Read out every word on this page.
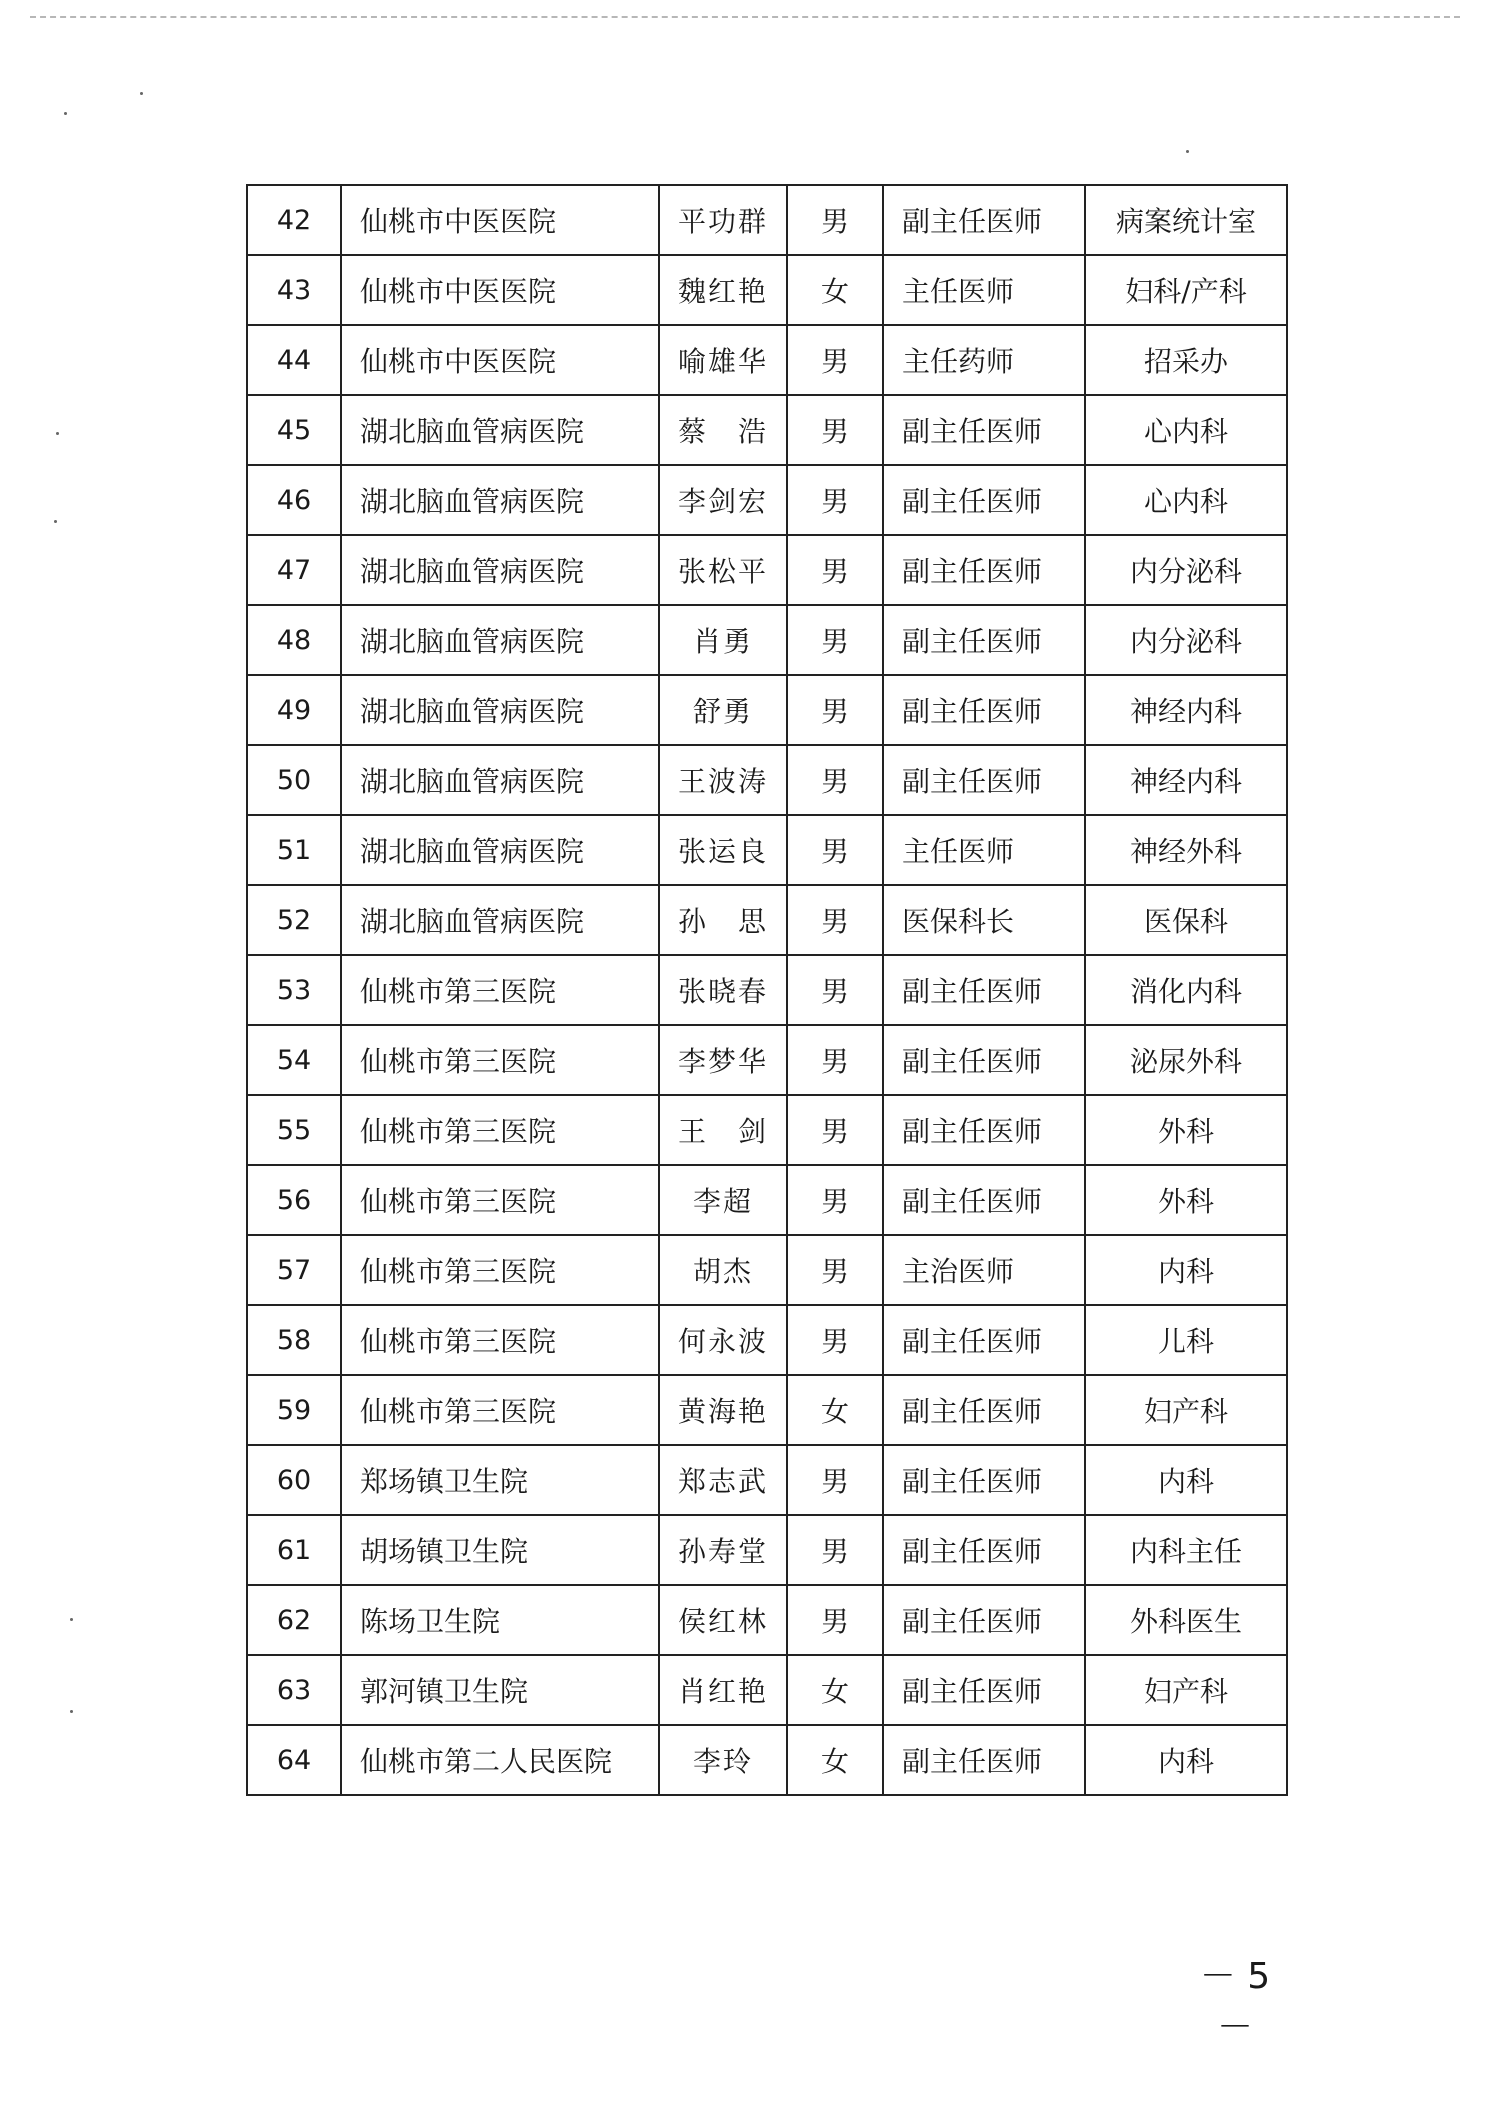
42	仙桃市中医医院	平功群	男	副主任医师	病案统计室
43	仙桃市中医医院	魏红艳	女	主任医师	妇科/产科
44	仙桃市中医医院	喻雄华	男	主任药师	招采办
45	湖北脑血管病医院	蔡　浩	男	副主任医师	心内科
46	湖北脑血管病医院	李剑宏	男	副主任医师	心内科
47	湖北脑血管病医院	张松平	男	副主任医师	内分泌科
48	湖北脑血管病医院	肖勇	男	副主任医师	内分泌科
49	湖北脑血管病医院	舒勇	男	副主任医师	神经内科
50	湖北脑血管病医院	王波涛	男	副主任医师	神经内科
51	湖北脑血管病医院	张运良	男	主任医师	神经外科
52	湖北脑血管病医院	孙　思	男	医保科长	医保科
53	仙桃市第三医院	张晓春	男	副主任医师	消化内科
54	仙桃市第三医院	李梦华	男	副主任医师	泌尿外科
55	仙桃市第三医院	王　剑	男	副主任医师	外科
56	仙桃市第三医院	李超	男	副主任医师	外科
57	仙桃市第三医院	胡杰	男	主治医师	内科
58	仙桃市第三医院	何永波	男	副主任医师	儿科
59	仙桃市第三医院	黄海艳	女	副主任医师	妇产科
60	郑场镇卫生院	郑志武	男	副主任医师	内科
61	胡场镇卫生院	孙寿堂	男	副主任医师	内科主任
62	陈场卫生院	侯红林	男	副主任医师	外科医生
63	郭河镇卫生院	肖红艳	女	副主任医师	妇产科
64	仙桃市第二人民医院	李玲	女	副主任医师	内科
－ 5 －
